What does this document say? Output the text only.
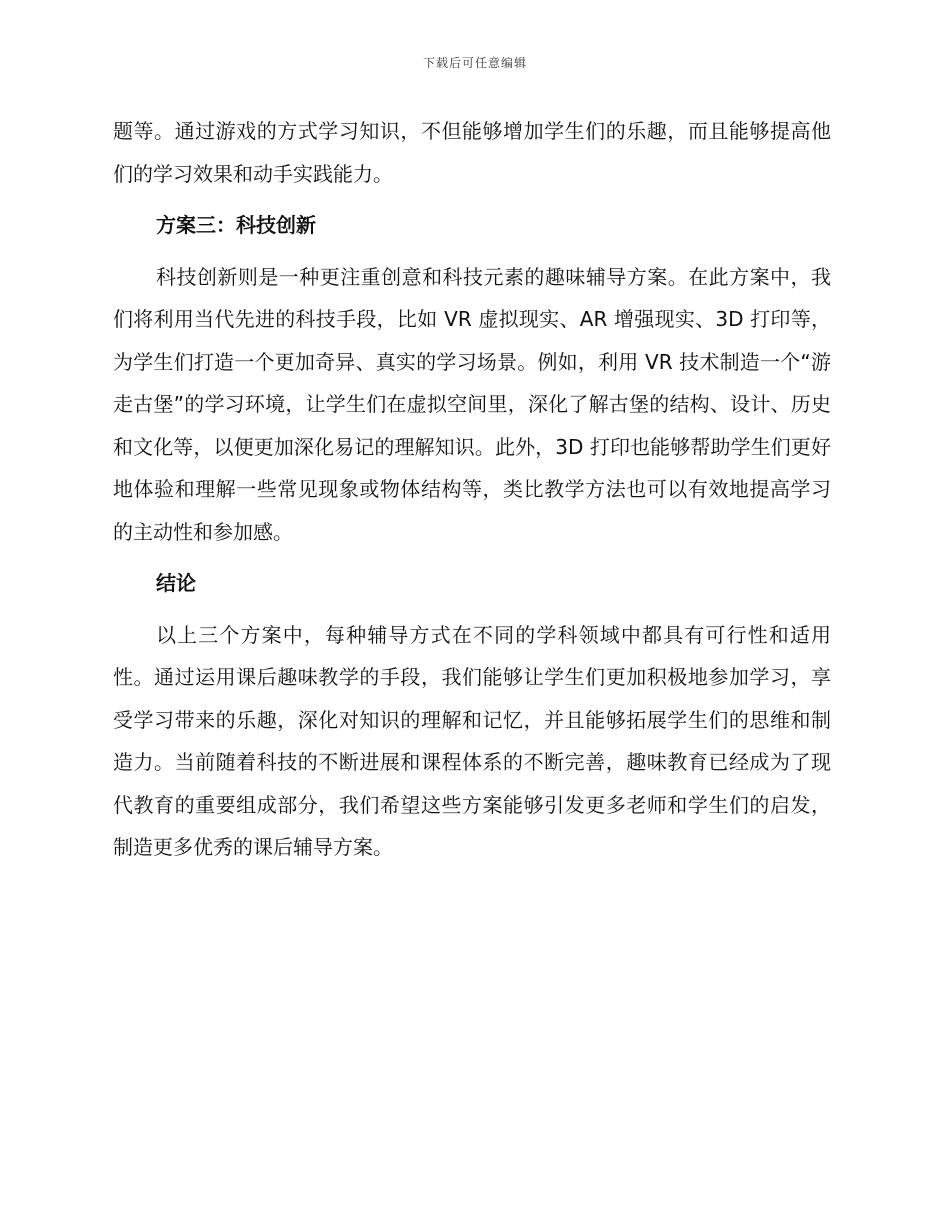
下载后可任意编辑

题等。通过游戏的方式学习知识，不但能够增加学生们的乐趣，而且能够提高他们的学习效果和动手实践能力。

方案三：科技创新

科技创新则是一种更注重创意和科技元素的趣味辅导方案。在此方案中，我们将利用当代先进的科技手段，比如 VR 虚拟现实、AR 增强现实、3D 打印等，为学生们打造一个更加奇异、真实的学习场景。例如，利用 VR 技术制造一个“游走古堡”的学习环境，让学生们在虚拟空间里，深化了解古堡的结构、设计、历史和文化等，以便更加深化易记的理解知识。此外，3D 打印也能够帮助学生们更好地体验和理解一些常见现象或物体结构等，类比教学方法也可以有效地提高学习的主动性和参加感。

结论

以上三个方案中，每种辅导方式在不同的学科领域中都具有可行性和适用性。通过运用课后趣味教学的手段，我们能够让学生们更加积极地参加学习，享受学习带来的乐趣，深化对知识的理解和记忆，并且能够拓展学生们的思维和制造力。当前随着科技的不断进展和课程体系的不断完善，趣味教育已经成为了现代教育的重要组成部分，我们希望这些方案能够引发更多老师和学生们的启发，制造更多优秀的课后辅导方案。
